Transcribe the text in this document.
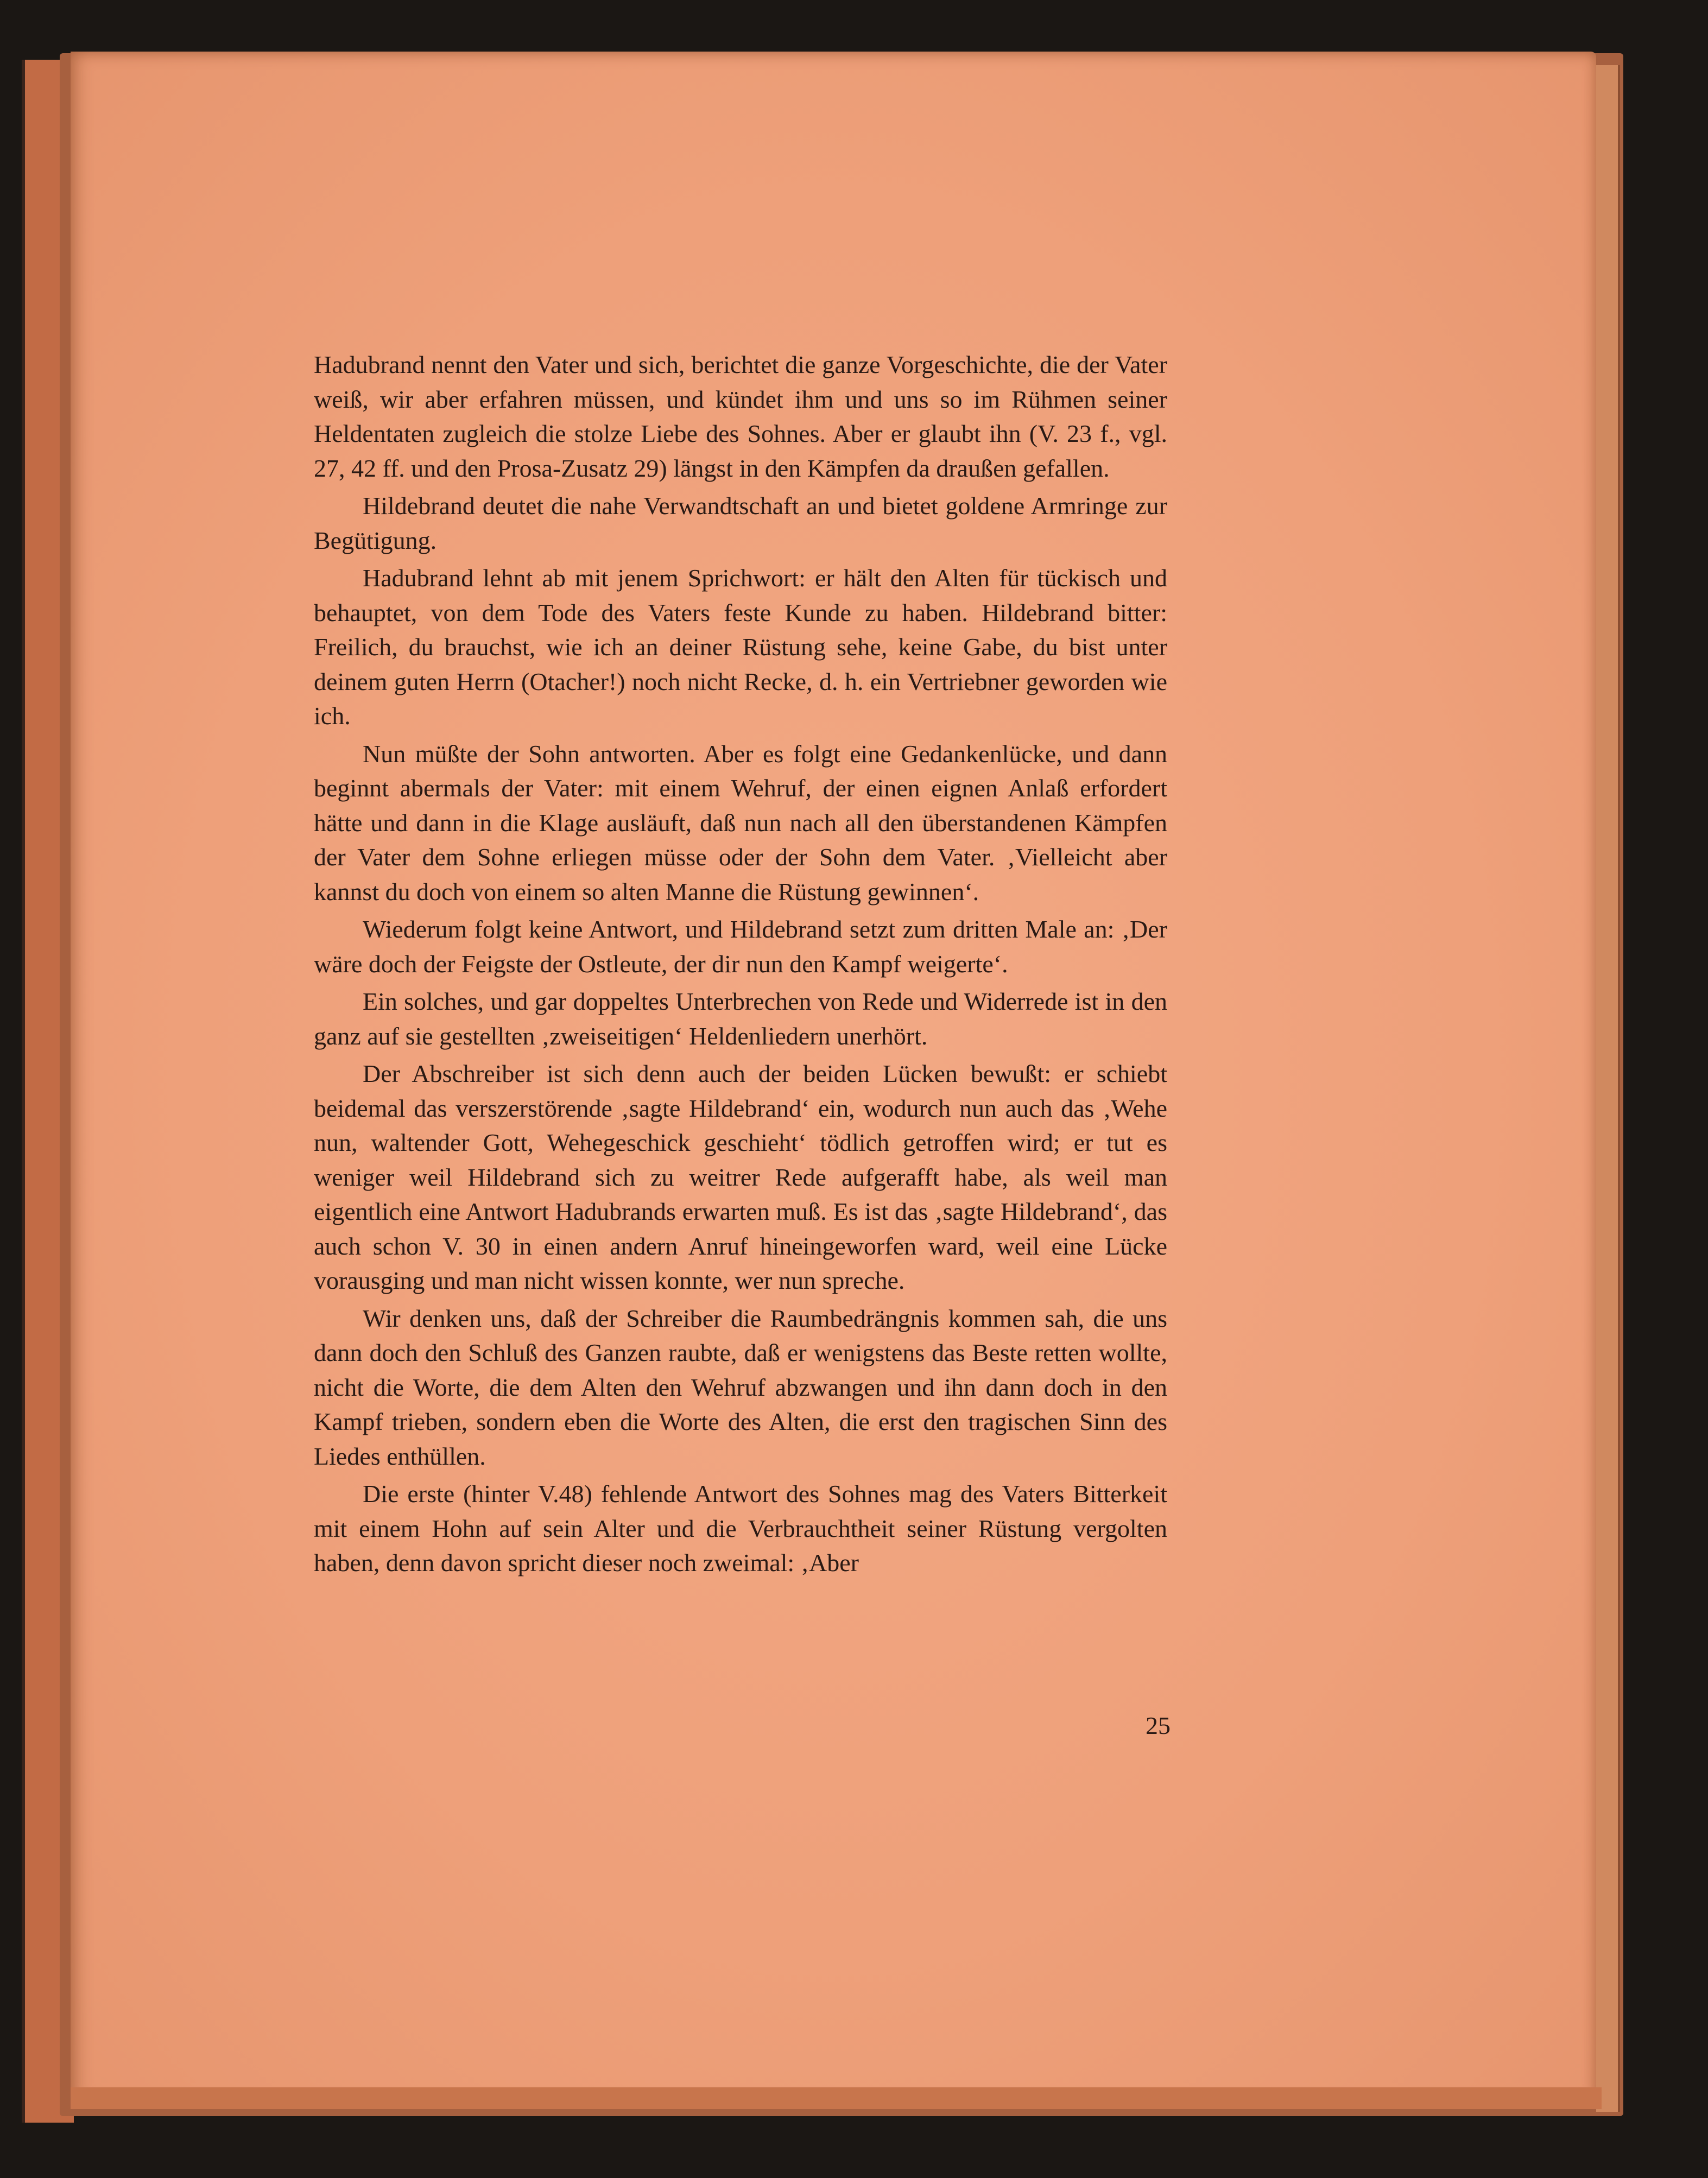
Hadubrand nennt den Vater und sich, berichtet die ganze Vorgeschichte, die der Vater weiß, wir aber erfahren müssen, und kündet ihm und uns so im Rühmen seiner Heldentaten zugleich die stolze Liebe des Sohnes. Aber er glaubt ihn (V. 23 f., vgl. 27, 42 ff. und den Prosa-Zusatz 29) längst in den Kämpfen da draußen gefallen.

Hildebrand deutet die nahe Verwandtschaft an und bietet goldene Armringe zur Begütigung.

Hadubrand lehnt ab mit jenem Sprichwort: er hält den Alten für tückisch und behauptet, von dem Tode des Vaters feste Kunde zu haben. Hildebrand bitter: Freilich, du brauchst, wie ich an deiner Rüstung sehe, keine Gabe, du bist unter deinem guten Herrn (Otacher!) noch nicht Recke, d. h. ein Vertriebner geworden wie ich.

Nun müßte der Sohn antworten. Aber es folgt eine Gedankenlücke, und dann beginnt abermals der Vater: mit einem Wehruf, der einen eignen Anlaß erfordert hätte und dann in die Klage ausläuft, daß nun nach all den überstandenen Kämpfen der Vater dem Sohne erliegen müsse oder der Sohn dem Vater. ‚Vielleicht aber kannst du doch von einem so alten Manne die Rüstung gewinnen‘.

Wiederum folgt keine Antwort, und Hildebrand setzt zum dritten Male an: ‚Der wäre doch der Feigste der Ostleute, der dir nun den Kampf weigerte‘.

Ein solches, und gar doppeltes Unterbrechen von Rede und Widerrede ist in den ganz auf sie gestellten ‚zweiseitigen‘ Heldenliedern unerhört.

Der Abschreiber ist sich denn auch der beiden Lücken bewußt: er schiebt beidemal das verszerstörende ‚sagte Hildebrand‘ ein, wodurch nun auch das ‚Wehe nun, waltender Gott, Wehegeschick geschieht‘ tödlich getroffen wird; er tut es weniger weil Hildebrand sich zu weitrer Rede aufgerafft habe, als weil man eigentlich eine Antwort Hadubrands erwarten muß. Es ist das ‚sagte Hildebrand‘, das auch schon V. 30 in einen andern Anruf hineingeworfen ward, weil eine Lücke vorausging und man nicht wissen konnte, wer nun spreche.

Wir denken uns, daß der Schreiber die Raumbedrängnis kommen sah, die uns dann doch den Schluß des Ganzen raubte, daß er wenigstens das Beste retten wollte, nicht die Worte, die dem Alten den Wehruf abzwangen und ihn dann doch in den Kampf trieben, sondern eben die Worte des Alten, die erst den tragischen Sinn des Liedes enthüllen.

Die erste (hinter V.48) fehlende Antwort des Sohnes mag des Vaters Bitterkeit mit einem Hohn auf sein Alter und die Verbrauchtheit seiner Rüstung vergolten haben, denn davon spricht dieser noch zweimal: ‚Aber

25
